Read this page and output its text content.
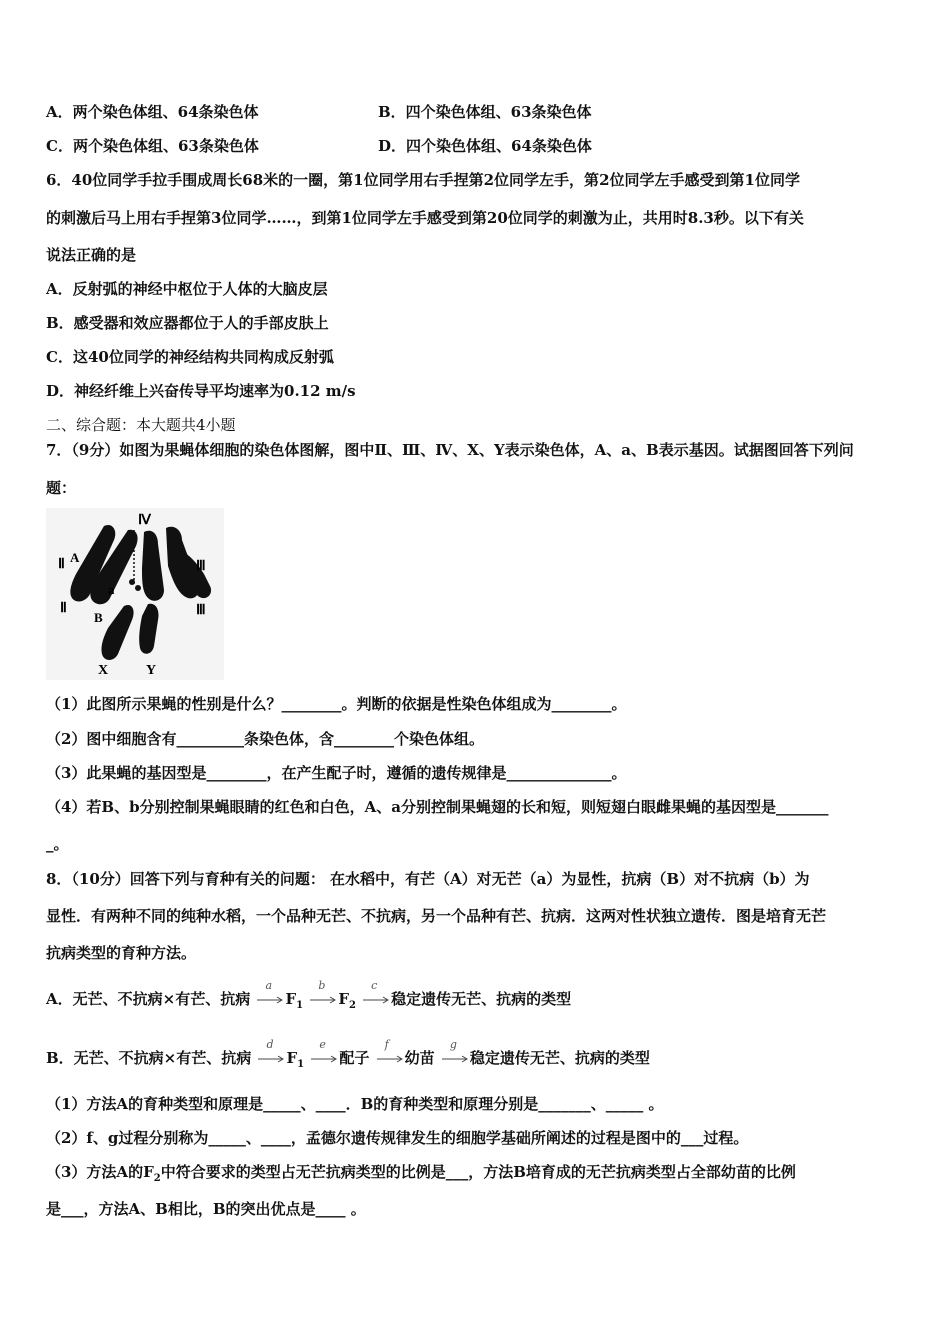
A．两个染色体组、64条染色体	B．四个染色体组、63条染色体
C．两个染色体组、63条染色体	D．四个染色体组、64条染色体
6．40位同学手拉手围成周长68米的一圈，第1位同学用右手捏第2位同学左手，第2位同学左手感受到第1位同学
的刺激后马上用右手捏第3位同学……，到第1位同学左手感受到第20位同学的刺激为止，共用时8.3秒。以下有关
说法正确的是
A．反射弧的神经中枢位于人体的大脑皮层
B．感受器和效应器都位于人的手部皮肤上
C．这40位同学的神经结构共同构成反射弧
D．神经纤维上兴奋传导平均速率为0.12 m/s
二、综合题：本大题共4小题
7．（9分）如图为果蝇体细胞的染色体图解，图中Ⅱ、Ⅲ、Ⅳ、X、Y表示染色体，A、a、B表示基因。试据图回答下列问
题：
Ⅳ
Ⅱ A
a
Ⅱ
B
Ⅲ
Ⅲ
X	Y
（1）此图所示果蝇的性别是什么？________。判断的依据是性染色体组成为________。
（2）图中细胞含有_________条染色体，含________个染色体组。
（3）此果蝇的基因型是________，在产生配子时，遵循的遗传规律是______________。
（4）若B、b分别控制果蝇眼睛的红色和白色，A、a分别控制果蝇翅的长和短，则短翅白眼雌果蝇的基因型是_______
_。
8．（10分）回答下列与育种有关的问题： 在水稻中，有芒（A）对无芒（a）为显性，抗病（B）对不抗病（b）为
显性．有两种不同的纯种水稻，一个品种无芒、不抗病，另一个品种有芒、抗病．这两对性状独立遗传．图是培育无芒
抗病类型的育种方法。
A．无芒、不抗病×有芒、抗病
a
$F_1$
b
$F_2$
c
稳定遗传无芒、抗病的类型
B．无芒、不抗病×有芒、抗病
d
$F_1$
e
配子
f
幼苗
g
稳定遗传无芒、抗病的类型
（1）方法A的育种类型和原理是_____、____．B的育种类型和原理分别是_______、_____ 。
（2）f、g过程分别称为_____、____，孟德尔遗传规律发生的细胞学基础所阐述的过程是图中的___过程。
（3）方法A的$F_2$中符合要求的类型占无芒抗病类型的比例是___，方法B培育成的无芒抗病类型占全部幼苗的比例
是___，方法A、B相比，B的突出优点是____ 。
